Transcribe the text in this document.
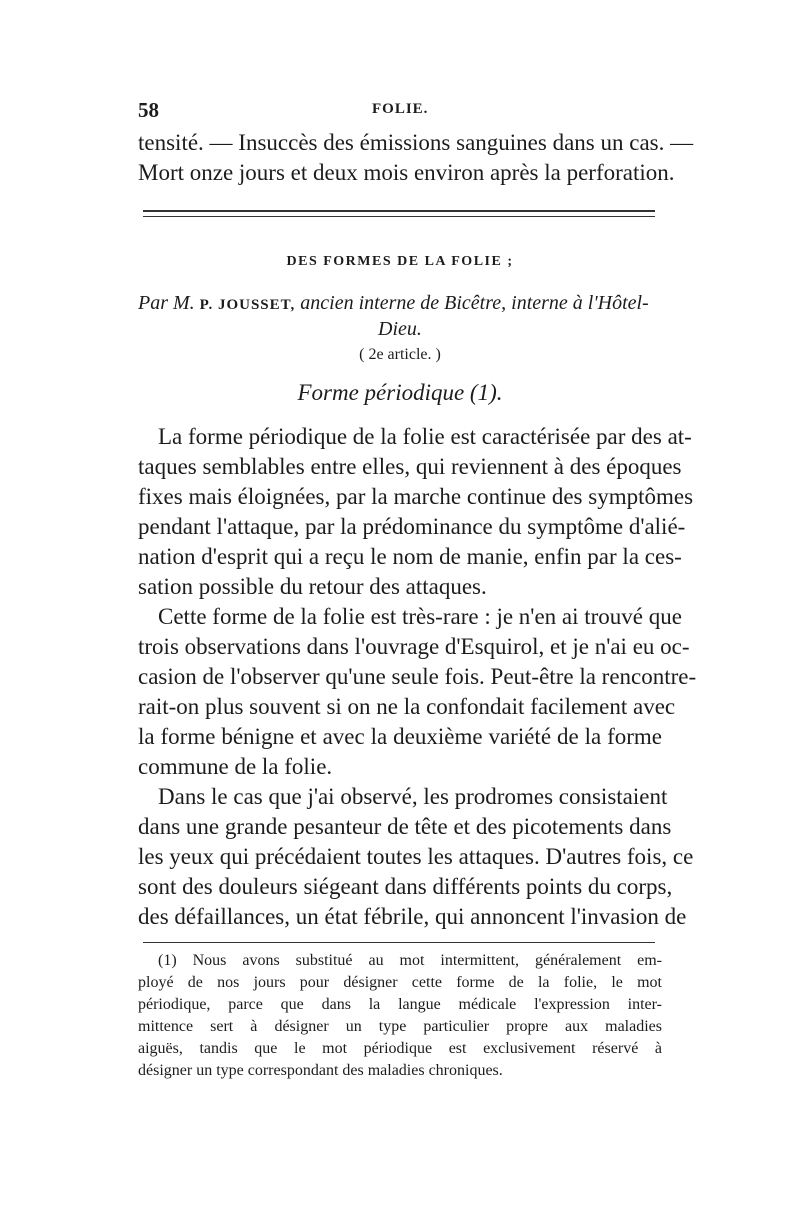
58	FOLIE.
tensité. — Insuccès des émissions sanguines dans un cas. —
Mort onze jours et deux mois environ après la perforation.
DES FORMES DE LA FOLIE ;
Par M. P. JOUSSET, ancien interne de Bicêtre, interne à l'Hôtel-
Dieu.
( 2e article. )
Forme périodique (1).
La forme périodique de la folie est caractérisée par des at-
taques semblables entre elles, qui reviennent à des époques
fixes mais éloignées, par la marche continue des symptômes
pendant l'attaque, par la prédominance du symptôme d'alié-
nation d'esprit qui a reçu le nom de manie, enfin par la ces-
sation possible du retour des attaques.
Cette forme de la folie est très-rare : je n'en ai trouvé que
trois observations dans l'ouvrage d'Esquirol, et je n'ai eu oc-
casion de l'observer qu'une seule fois. Peut-être la rencontre-
rait-on plus souvent si on ne la confondait facilement avec
la forme bénigne et avec la deuxième variété de la forme
commune de la folie.
Dans le cas que j'ai observé, les prodromes consistaient
dans une grande pesanteur de tête et des picotements dans
les yeux qui précédaient toutes les attaques. D'autres fois, ce
sont des douleurs siégeant dans différents points du corps,
des défaillances, un état fébrile, qui annoncent l'invasion de
(1) Nous avons substitué au mot intermittent, généralement em-
ployé de nos jours pour désigner cette forme de la folie, le mot
périodique, parce que dans la langue médicale l'expression inter-
mittence sert à désigner un type particulier propre aux maladies
aiguës, tandis que le mot périodique est exclusivement réservé à
désigner un type correspondant des maladies chroniques.
